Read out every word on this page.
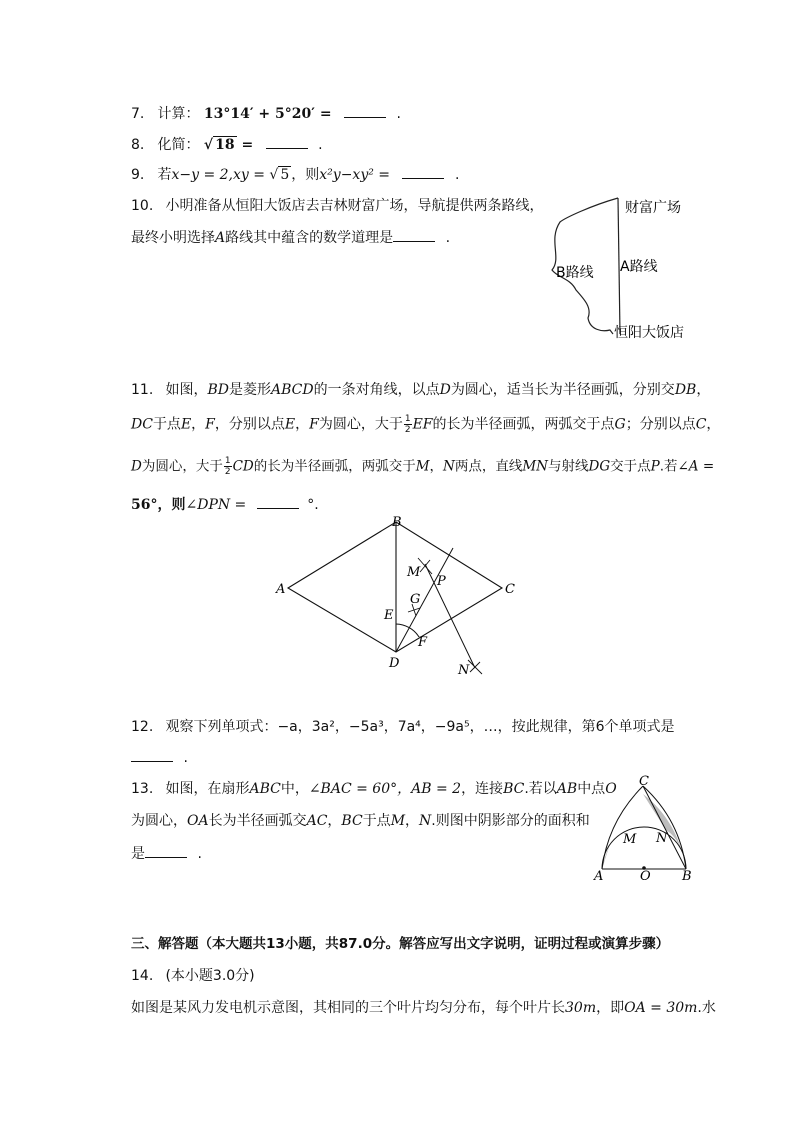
7. 计算： 13°14′ + 5°20′ =	.
8. 化简： √ 18 =	.
9. 若x−y = 2,xy = √ 5 ，则x²y−xy² =	.
10. 小明准备从恒阳大饭店去吉林财富广场，导航提供两条路线，
最终小明选择A路线其中蕴含的数学道理是	.
财富广场
B路线 A路线
恒阳大饭店
11. 如图，BD是菱形ABCD的一条对角线，以点D为圆心，适当长为半径画弧，分别交DB，
DC于点E，F，分别以点E，F为圆心，大于 $\frac{1}{2}$ EF的长为半径画弧，两弧交于点G；分别以点C，
D为圆心，大于 $\frac{1}{2}$ CD的长为半径画弧，两弧交于M，N两点，直线MN与射线DG交于点P.若∠A =
56°，则∠DPN =	°.
A
B
C
D
E
F
G
M
P
N
12. 观察下列单项式：−a，3a²，−5a³，7a⁴，−9a⁵，…，按此规律，第6个单项式是
.
13. 如图，在扇形ABC中，∠BAC = 60°，AB = 2，连接BC.若以AB中点O
为圆心，OA长为半径画弧交AC，BC于点M，N.则图中阴影部分的面积和
是	.
C
M N
A	O B
三、解答题（本大题共13小题，共87.0分。解答应写出文字说明，证明过程或演算步骤）
14. (本小题3.0分)
如图是某风力发电机示意图，其相同的三个叶片均匀分布，每个叶片长30m，即OA = 30m.水
